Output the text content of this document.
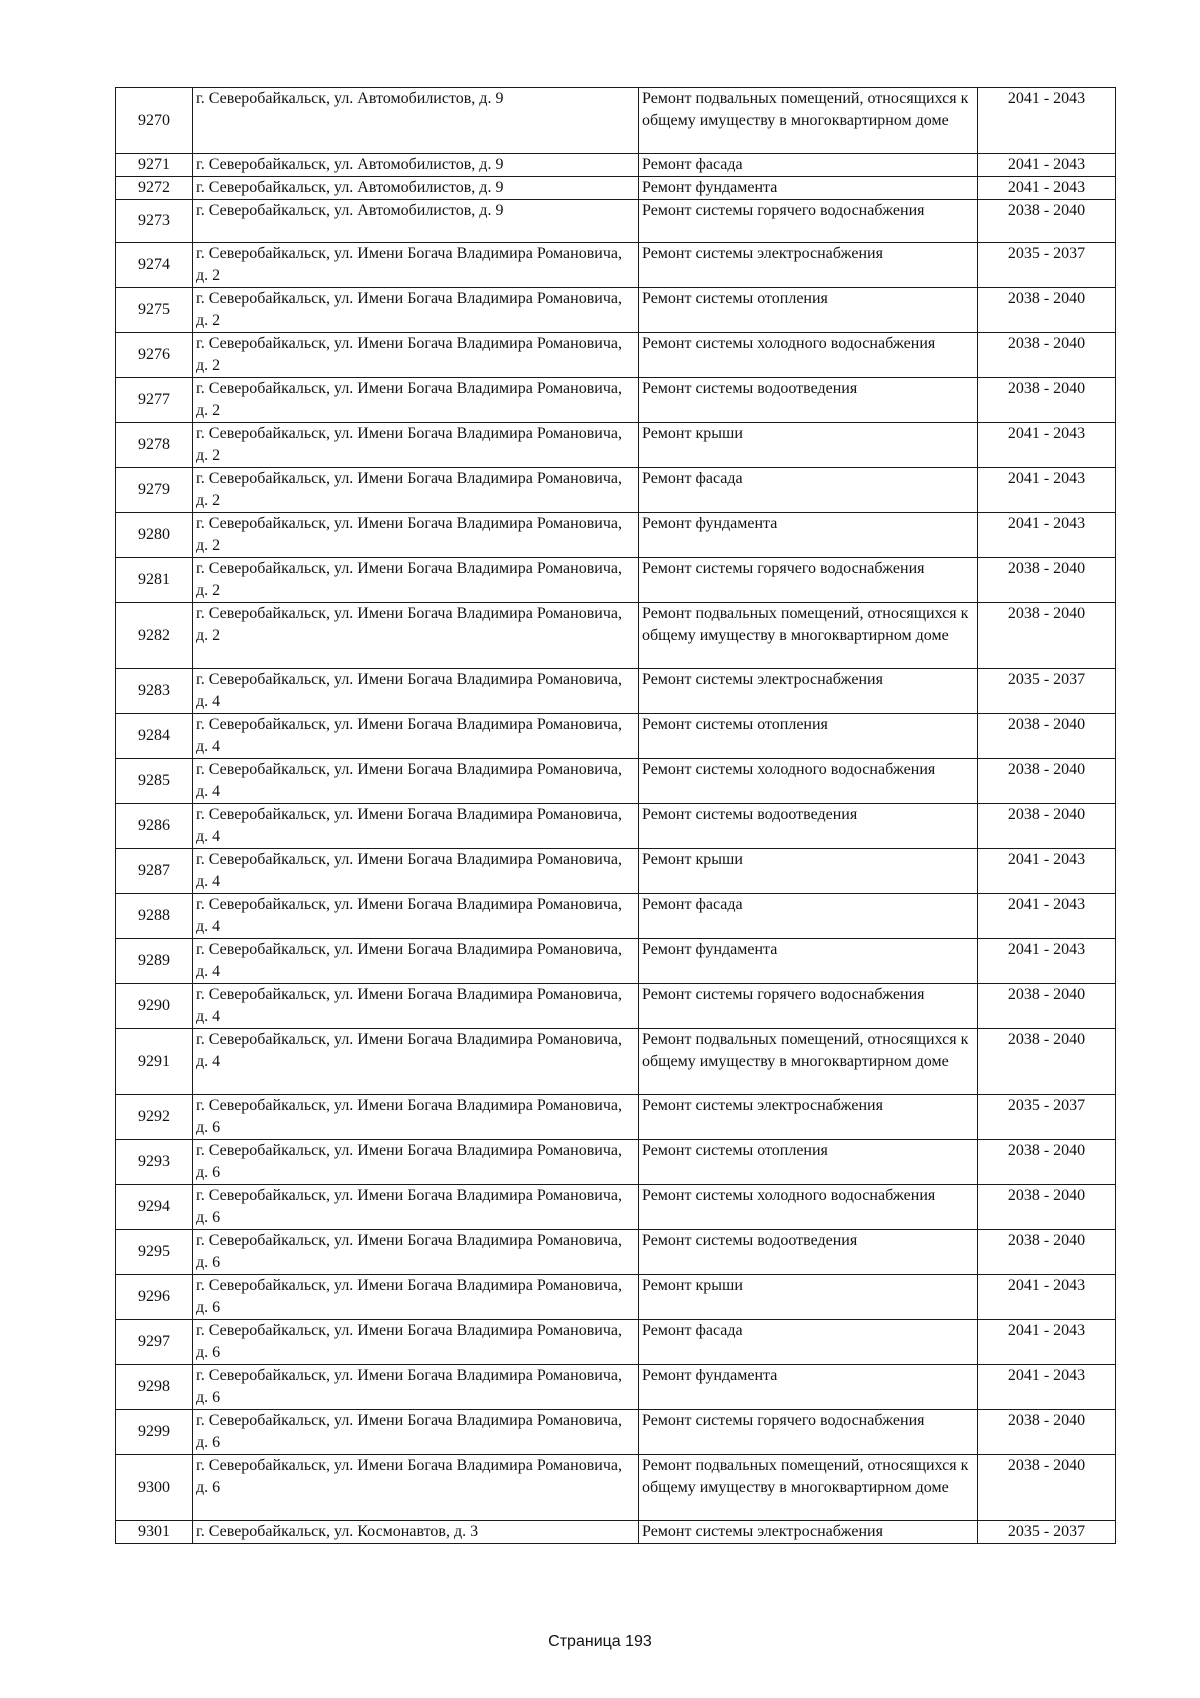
9270	г. Северобайкальск, ул. Автомобилистов, д. 9	Ремонт подвальных помещений, относящихся к общему имуществу в многоквартирном доме	2041 - 2043
9271	г. Северобайкальск, ул. Автомобилистов, д. 9	Ремонт фасада	2041 - 2043
9272	г. Северобайкальск, ул. Автомобилистов, д. 9	Ремонт фундамента	2041 - 2043
9273	г. Северобайкальск, ул. Автомобилистов, д. 9	Ремонт системы горячего водоснабжения	2038 - 2040
9274	г. Северобайкальск, ул. Имени Богача Владимира Романовича, д. 2	Ремонт системы электроснабжения	2035 - 2037
9275	г. Северобайкальск, ул. Имени Богача Владимира Романовича, д. 2	Ремонт системы отопления	2038 - 2040
9276	г. Северобайкальск, ул. Имени Богача Владимира Романовича, д. 2	Ремонт системы холодного водоснабжения	2038 - 2040
9277	г. Северобайкальск, ул. Имени Богача Владимира Романовича, д. 2	Ремонт системы водоотведения	2038 - 2040
9278	г. Северобайкальск, ул. Имени Богача Владимира Романовича, д. 2	Ремонт крыши	2041 - 2043
9279	г. Северобайкальск, ул. Имени Богача Владимира Романовича, д. 2	Ремонт фасада	2041 - 2043
9280	г. Северобайкальск, ул. Имени Богача Владимира Романовича, д. 2	Ремонт фундамента	2041 - 2043
9281	г. Северобайкальск, ул. Имени Богача Владимира Романовича, д. 2	Ремонт системы горячего водоснабжения	2038 - 2040
9282	г. Северобайкальск, ул. Имени Богача Владимира Романовича, д. 2	Ремонт подвальных помещений, относящихся к общему имуществу в многоквартирном доме	2038 - 2040
9283	г. Северобайкальск, ул. Имени Богача Владимира Романовича, д. 4	Ремонт системы электроснабжения	2035 - 2037
9284	г. Северобайкальск, ул. Имени Богача Владимира Романовича, д. 4	Ремонт системы отопления	2038 - 2040
9285	г. Северобайкальск, ул. Имени Богача Владимира Романовича, д. 4	Ремонт системы холодного водоснабжения	2038 - 2040
9286	г. Северобайкальск, ул. Имени Богача Владимира Романовича, д. 4	Ремонт системы водоотведения	2038 - 2040
9287	г. Северобайкальск, ул. Имени Богача Владимира Романовича, д. 4	Ремонт крыши	2041 - 2043
9288	г. Северобайкальск, ул. Имени Богача Владимира Романовича, д. 4	Ремонт фасада	2041 - 2043
9289	г. Северобайкальск, ул. Имени Богача Владимира Романовича, д. 4	Ремонт фундамента	2041 - 2043
9290	г. Северобайкальск, ул. Имени Богача Владимира Романовича, д. 4	Ремонт системы горячего водоснабжения	2038 - 2040
9291	г. Северобайкальск, ул. Имени Богача Владимира Романовича, д. 4	Ремонт подвальных помещений, относящихся к общему имуществу в многоквартирном доме	2038 - 2040
9292	г. Северобайкальск, ул. Имени Богача Владимира Романовича, д. 6	Ремонт системы электроснабжения	2035 - 2037
9293	г. Северобайкальск, ул. Имени Богача Владимира Романовича, д. 6	Ремонт системы отопления	2038 - 2040
9294	г. Северобайкальск, ул. Имени Богача Владимира Романовича, д. 6	Ремонт системы холодного водоснабжения	2038 - 2040
9295	г. Северобайкальск, ул. Имени Богача Владимира Романовича, д. 6	Ремонт системы водоотведения	2038 - 2040
9296	г. Северобайкальск, ул. Имени Богача Владимира Романовича, д. 6	Ремонт крыши	2041 - 2043
9297	г. Северобайкальск, ул. Имени Богача Владимира Романовича, д. 6	Ремонт фасада	2041 - 2043
9298	г. Северобайкальск, ул. Имени Богача Владимира Романовича, д. 6	Ремонт фундамента	2041 - 2043
9299	г. Северобайкальск, ул. Имени Богача Владимира Романовича, д. 6	Ремонт системы горячего водоснабжения	2038 - 2040
9300	г. Северобайкальск, ул. Имени Богача Владимира Романовича, д. 6	Ремонт подвальных помещений, относящихся к общему имуществу в многоквартирном доме	2038 - 2040
9301	г. Северобайкальск, ул. Космонавтов, д. 3	Ремонт системы электроснабжения	2035 - 2037
Страница 193
